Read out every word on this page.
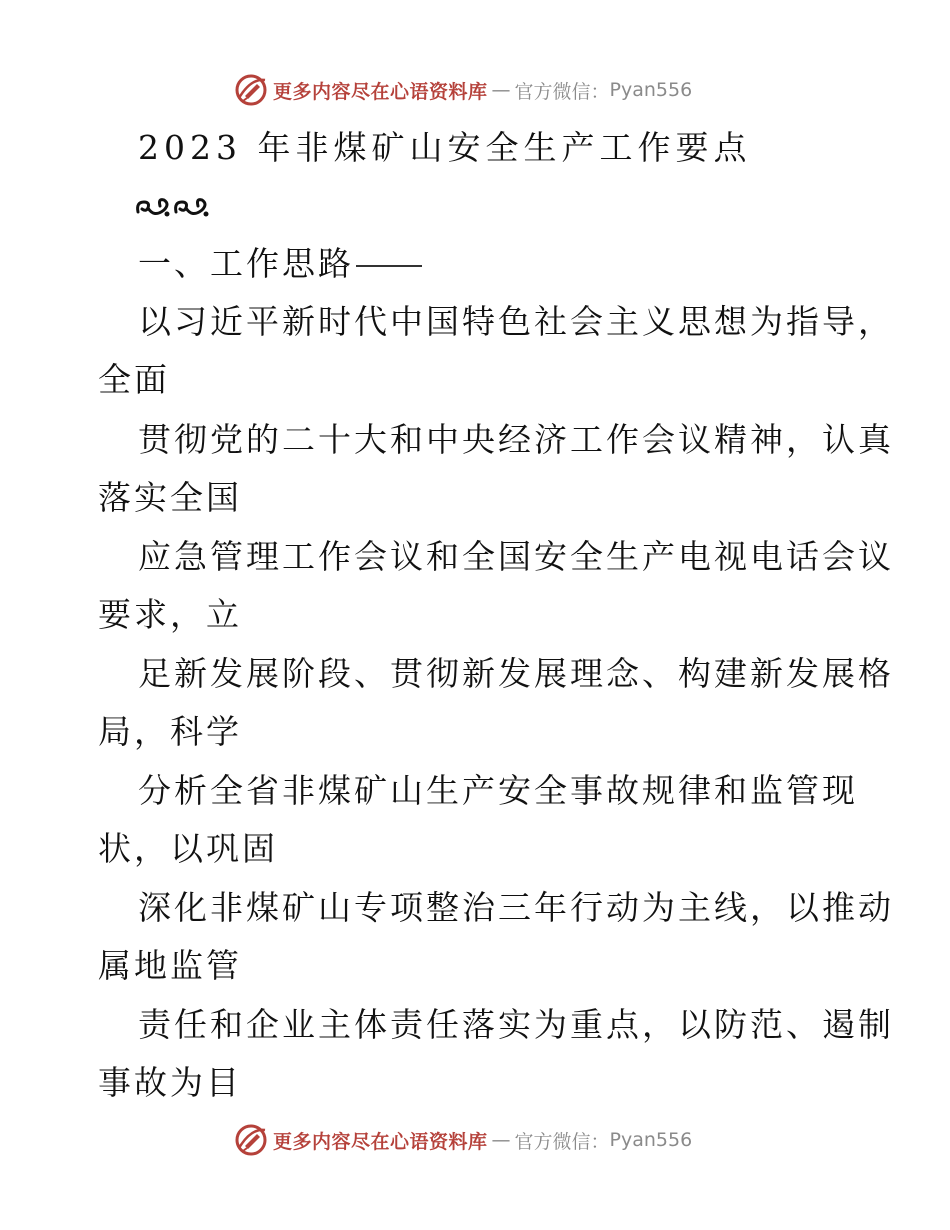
更多内容尽在心语资料库 — 官方微信： Pyan556
2023 年非煤矿山安全生产工作要点
一、工作思路
以习近平新时代中国特色社会主义思想为指导，
全面
贯彻党的二十大和中央经济工作会议精神，认真
落实全国
应急管理工作会议和全国安全生产电视电话会议
要求，立
足新发展阶段、贯彻新发展理念、构建新发展格
局，科学
分析全省非煤矿山生产安全事故规律和监管现
状，以巩固
深化非煤矿山专项整治三年行动为主线，以推动
属地监管
责任和企业主体责任落实为重点，以防范、遏制
事故为目
更多内容尽在心语资料库 — 官方微信： Pyan556
